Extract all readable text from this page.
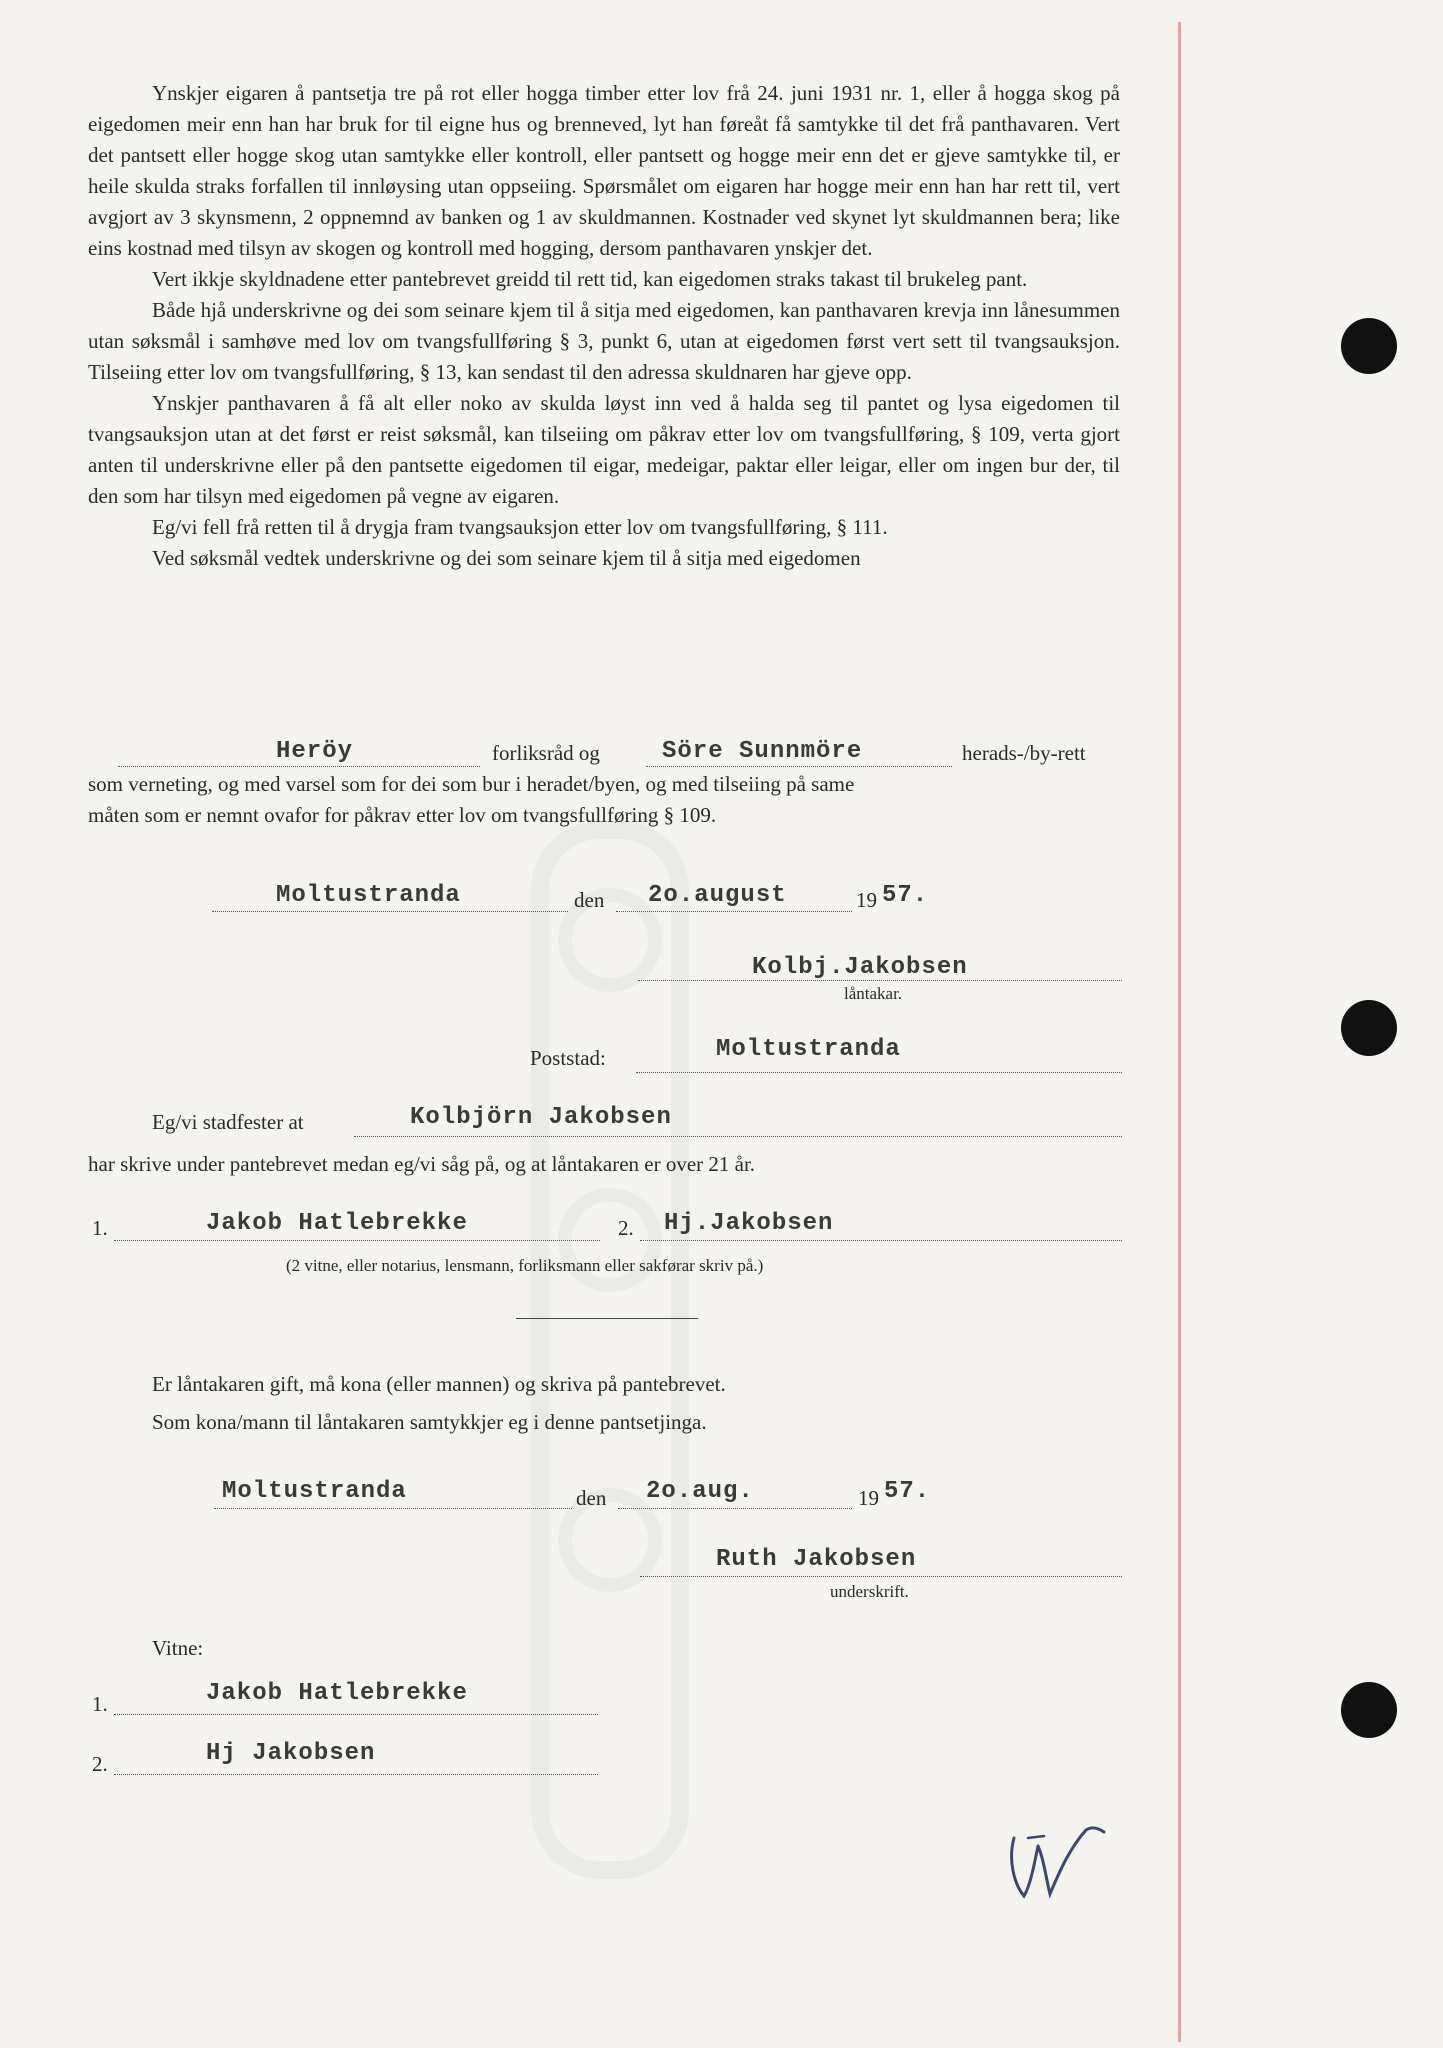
Ynskjer eigaren å pantsetja tre på rot eller hogga timber etter lov frå 24. juni 1931 nr. 1, eller å hogga skog på eigedomen meir enn han har bruk for til eigne hus og brenneved, lyt han føreåt få samtykke til det frå panthavaren. Vert det pantsett eller hogge skog utan samtykke eller kontroll, eller pantsett og hogge meir enn det er gjeve samtykke til, er heile skulda straks forfallen til innløysing utan oppseiing. Spørsmålet om eigaren har hogge meir enn han har rett til, vert avgjort av 3 skynsmenn, 2 oppnemnd av banken og 1 av skuldmannen. Kostnader ved skynet lyt skuldmannen bera; like eins kostnad med tilsyn av skogen og kontroll med hogging, dersom panthavaren ynskjer det.

Vert ikkje skyldnadene etter pantebrevet greidd til rett tid, kan eigedomen straks takast til brukeleg pant.

Både hjå underskrivne og dei som seinare kjem til å sitja med eigedomen, kan panthavaren krevja inn lånesummen utan søksmål i samhøve med lov om tvangsfullføring § 3, punkt 6, utan at eigedomen først vert sett til tvangsauksjon. Tilseiing etter lov om tvangsfullføring, § 13, kan sendast til den adressa skuldnaren har gjeve opp.

Ynskjer panthavaren å få alt eller noko av skulda løyst inn ved å halda seg til pantet og lysa eigedomen til tvangsauksjon utan at det først er reist søksmål, kan tilseiing om påkrav etter lov om tvangsfullføring, § 109, verta gjort anten til underskrivne eller på den pantsette eigedomen til eigar, medeigar, paktar eller leigar, eller om ingen bur der, til den som har tilsyn med eigedomen på vegne av eigaren.

Eg/vi fell frå retten til å drygja fram tvangsauksjon etter lov om tvangsfullføring, § 111.

Ved søksmål vedtek underskrivne og dei som seinare kjem til å sitja med eigedomen

Heröy	forliksråd og	Söre Sunnmöre	herads-/by-rett
som verneting, og med varsel som for dei som bur i heradet/byen, og med tilseiing på same
måten som er nemnt ovafor for påkrav etter lov om tvangsfullføring § 109.
Moltustranda	den 2o.august	19 57.
Kolbj.Jakobsen
låntakar.
Poststad:	Moltustranda
Eg/vi stadfester at	Kolbjörn Jakobsen
har skrive under pantebrevet medan eg/vi såg på, og at låntakaren er over 21 år.
1.	Jakob Hatlebrekke	2. Hj.Jakobsen
(2 vitne, eller notarius, lensmann, forliksmann eller sakførar skriv på.)
Er låntakaren gift, må kona (eller mannen) og skriva på pantebrevet.
Som kona/mann til låntakaren samtykkjer eg i denne pantsetjinga.
Moltustranda	den 2o.aug.	19 57.
Ruth Jakobsen
underskrift.
Vitne:
1.	Jakob Hatlebrekke
2.	Hj Jakobsen
